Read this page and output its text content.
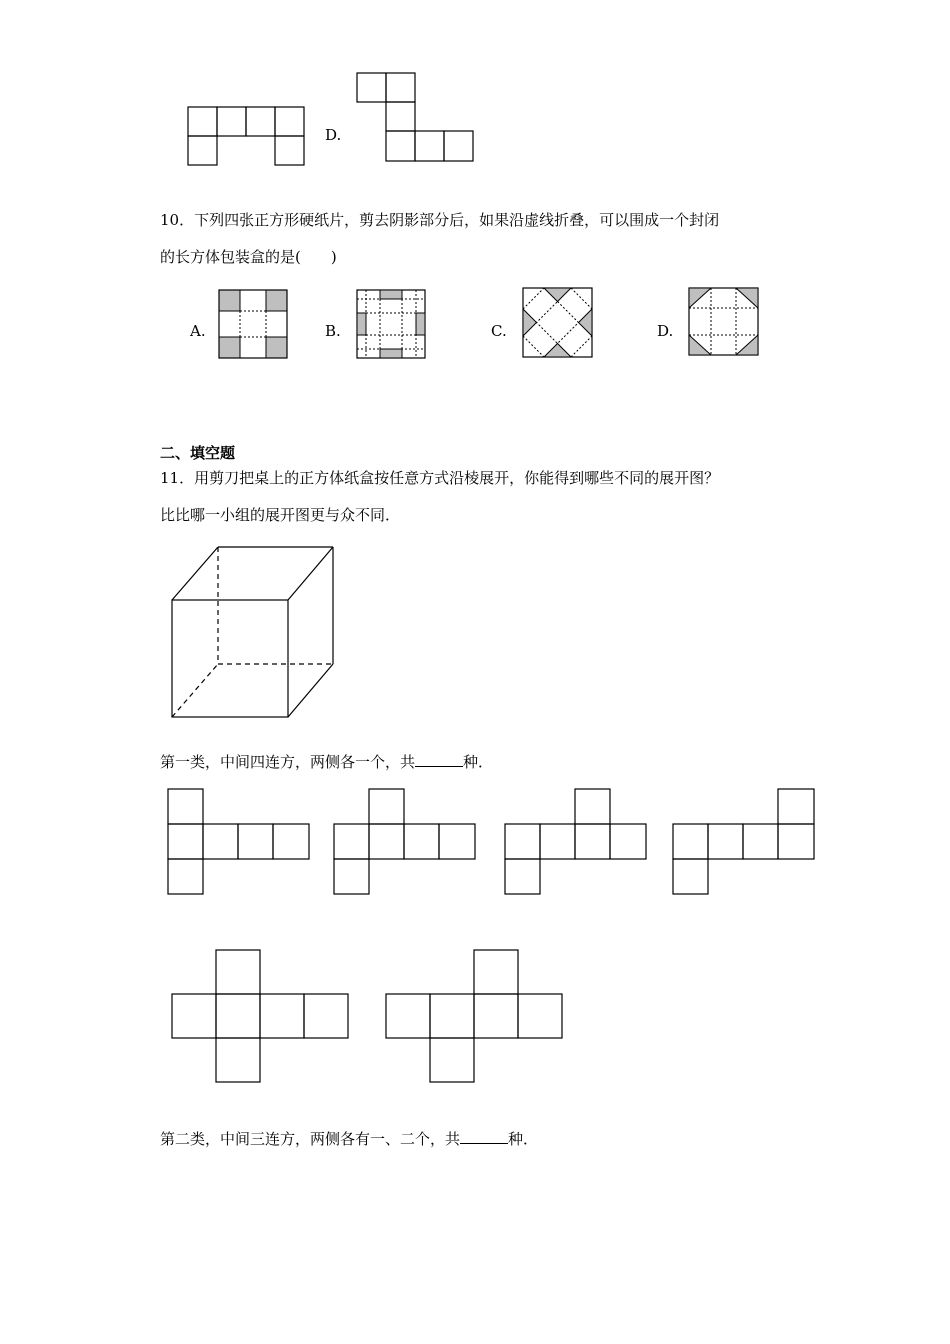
D.
10．下列四张正方形硬纸片，剪去阴影部分后，如果沿虚线折叠，可以围成一个封闭
的长方体包装盒的是(　　)
A.	B.	C.	D.
二、填空题
11．用剪刀把桌上的正方体纸盒按任意方式沿棱展开，你能得到哪些不同的展开图？
比比哪一小组的展开图更与众不同．
第一类，中间四连方，两侧各一个，共	种．
第二类，中间三连方，两侧各有一、二个，共	种．
